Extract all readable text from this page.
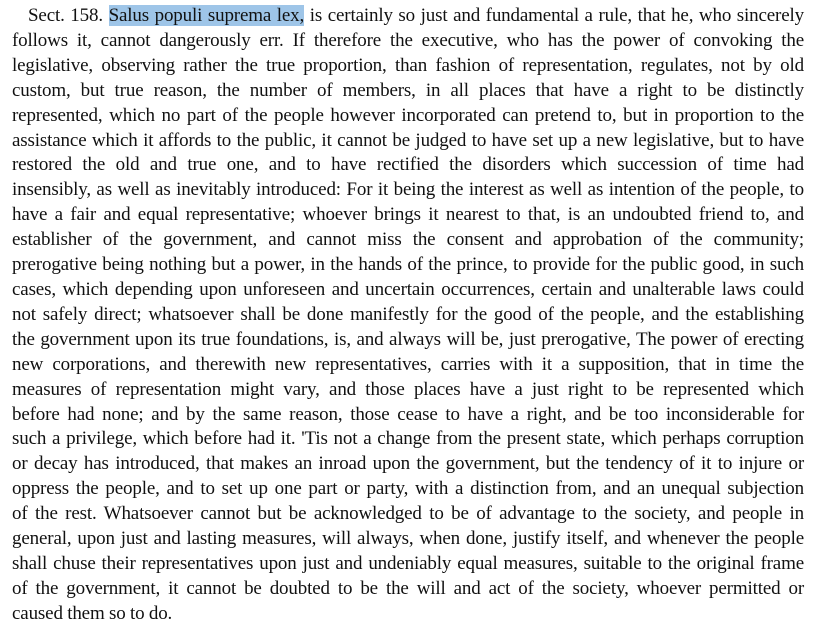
Sect. 158. Salus populi suprema lex, is certainly so just and fundamental a rule, that he, who sincerely
follows it, cannot dangerously err. If therefore the executive, who has the power of convoking the
legislative, observing rather the true proportion, than fashion of representation, regulates, not by old
custom, but true reason, the number of members, in all places that have a right to be distinctly
represented, which no part of the people however incorporated can pretend to, but in proportion to the
assistance which it affords to the public, it cannot be judged to have set up a new legislative, but to have
restored the old and true one, and to have rectified the disorders which succession of time had
insensibly, as well as inevitably introduced: For it being the interest as well as intention of the people, to
have a fair and equal representative; whoever brings it nearest to that, is an undoubted friend to, and
establisher of the government, and cannot miss the consent and approbation of the community;
prerogative being nothing but a power, in the hands of the prince, to provide for the public good, in such
cases, which depending upon unforeseen and uncertain occurrences, certain and unalterable laws could
not safely direct; whatsoever shall be done manifestly for the good of the people, and the establishing
the government upon its true foundations, is, and always will be, just prerogative, The power of erecting
new corporations, and therewith new representatives, carries with it a supposition, that in time the
measures of representation might vary, and those places have a just right to be represented which
before had none; and by the same reason, those cease to have a right, and be too inconsiderable for
such a privilege, which before had it. 'Tis not a change from the present state, which perhaps corruption
or decay has introduced, that makes an inroad upon the government, but the tendency of it to injure or
oppress the people, and to set up one part or party, with a distinction from, and an unequal subjection
of the rest. Whatsoever cannot but be acknowledged to be of advantage to the society, and people in
general, upon just and lasting measures, will always, when done, justify itself, and whenever the people
shall chuse their representatives upon just and undeniably equal measures, suitable to the original frame
of the government, it cannot be doubted to be the will and act of the society, whoever permitted or
caused them so to do.
